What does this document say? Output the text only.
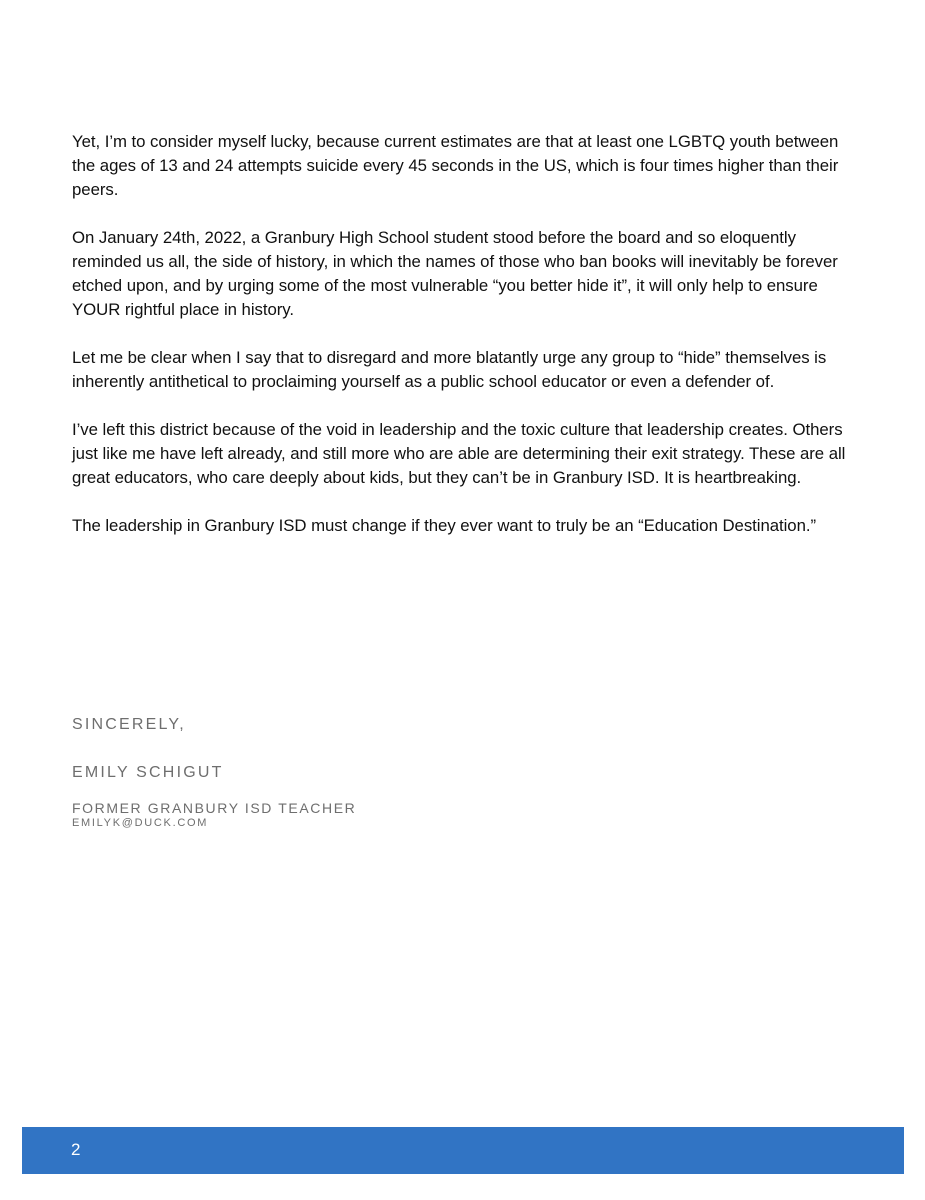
Yet, I’m to consider myself lucky, because current estimates are that at least one LGBTQ youth between the ages of 13 and 24 attempts suicide every 45 seconds in the US, which is four times higher than their peers.

On January 24th, 2022, a Granbury High School student stood before the board and so eloquently reminded us all, the side of history, in which the names of those who ban books will inevitably be forever etched upon, and by urging some of the most vulnerable “you better hide it”, it will only help to ensure YOUR rightful place in history.

Let me be clear when I say that to disregard and more blatantly urge any group to “hide” themselves is inherently antithetical to proclaiming yourself as a public school educator or even a defender of.

I’ve left this district because of the void in leadership and the toxic culture that leadership creates. Others just like me have left already, and still more who are able are determining their exit strategy. These are all great educators, who care deeply about kids, but they can’t be in Granbury ISD. It is heartbreaking.

The leadership in Granbury ISD must change if they ever want to truly be an “Education Destination.”

SINCERELY,

EMILY SCHIGUT

FORMER GRANBURY ISD TEACHER

EMILYK@DUCK.COM

2
